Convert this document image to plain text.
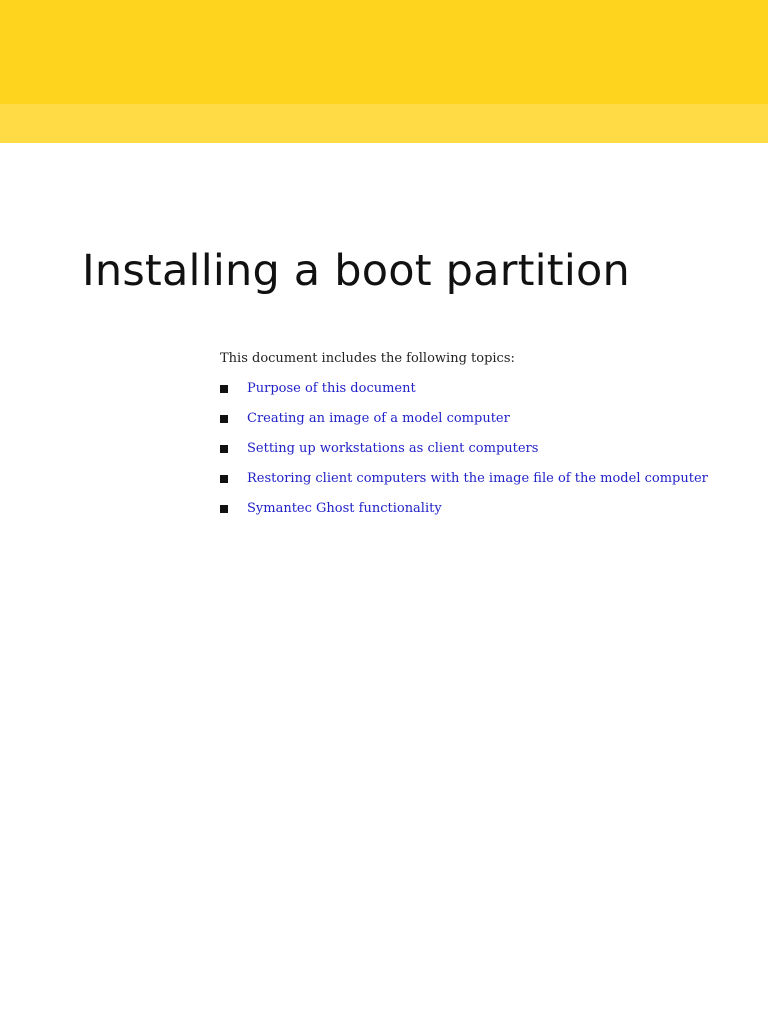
Installing a boot partition

This document includes the following topics:

Purpose of this document
Creating an image of a model computer
Setting up workstations as client computers
Restoring client computers with the image file of the model computer
Symantec Ghost functionality
